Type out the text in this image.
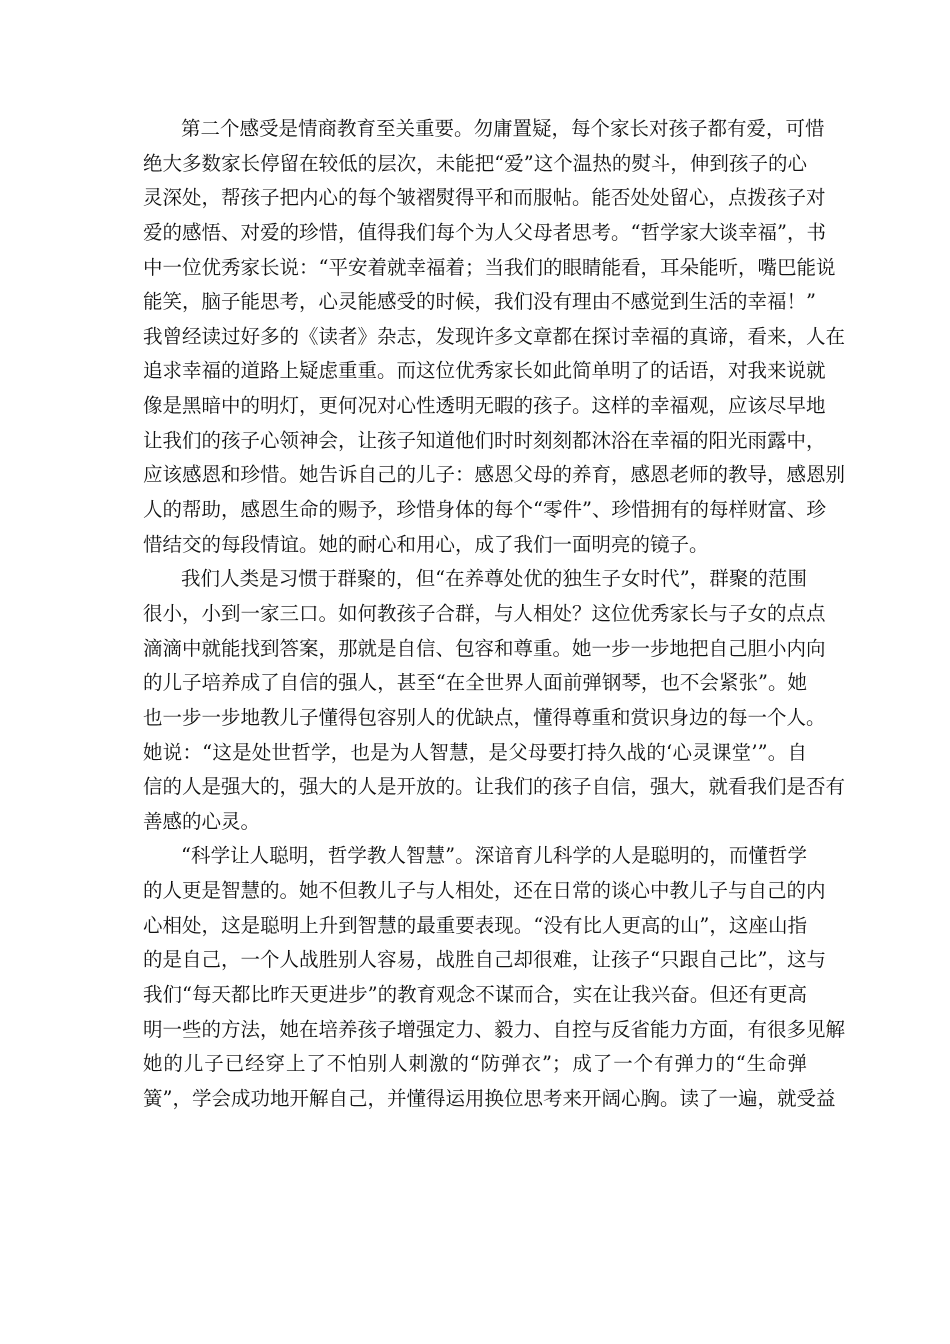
第二个感受是情商教育至关重要。勿庸置疑，每个家长对孩子都有爱，可惜
绝大多数家长停留在较低的层次，未能把“爱”这个温热的熨斗，伸到孩子的心
灵深处，帮孩子把内心的每个皱褶熨得平和而服帖。能否处处留心，点拨孩子对
爱的感悟、对爱的珍惜，值得我们每个为人父母者思考。“哲学家大谈幸福”，书
中一位优秀家长说：“平安着就幸福着；当我们的眼睛能看，耳朵能听，嘴巴能说
能笑，脑子能思考，心灵能感受的时候，我们没有理由不感觉到生活的幸福！”
我曾经读过好多的《读者》杂志，发现许多文章都在探讨幸福的真谛，看来，人在
追求幸福的道路上疑虑重重。而这位优秀家长如此简单明了的话语，对我来说就
像是黑暗中的明灯，更何况对心性透明无暇的孩子。这样的幸福观，应该尽早地
让我们的孩子心领神会，让孩子知道他们时时刻刻都沐浴在幸福的阳光雨露中，
应该感恩和珍惜。她告诉自己的儿子：感恩父母的养育，感恩老师的教导，感恩别
人的帮助，感恩生命的赐予，珍惜身体的每个“零件”、珍惜拥有的每样财富、珍
惜结交的每段情谊。她的耐心和用心，成了我们一面明亮的镜子。
我们人类是习惯于群聚的，但“在养尊处优的独生子女时代”，群聚的范围
很小，小到一家三口。如何教孩子合群，与人相处？这位优秀家长与子女的点点
滴滴中就能找到答案，那就是自信、包容和尊重。她一步一步地把自己胆小内向
的儿子培养成了自信的强人，甚至“在全世界人面前弹钢琴，也不会紧张”。她
也一步一步地教儿子懂得包容别人的优缺点，懂得尊重和赏识身边的每一个人。
她说：“这是处世哲学，也是为人智慧，是父母要打持久战的‘心灵课堂’”。自
信的人是强大的，强大的人是开放的。让我们的孩子自信，强大，就看我们是否有
善感的心灵。
“科学让人聪明，哲学教人智慧”。深谙育儿科学的人是聪明的，而懂哲学
的人更是智慧的。她不但教儿子与人相处，还在日常的谈心中教儿子与自己的内
心相处，这是聪明上升到智慧的最重要表现。“没有比人更高的山”，这座山指
的是自己，一个人战胜别人容易，战胜自己却很难，让孩子“只跟自己比”，这与
我们“每天都比昨天更进步”的教育观念不谋而合，实在让我兴奋。但还有更高
明一些的方法，她在培养孩子增强定力、毅力、自控与反省能力方面，有很多见解
她的儿子已经穿上了不怕别人刺激的“防弹衣”；成了一个有弹力的“生命弹
簧”，学会成功地开解自己，并懂得运用换位思考来开阔心胸。读了一遍，就受益
